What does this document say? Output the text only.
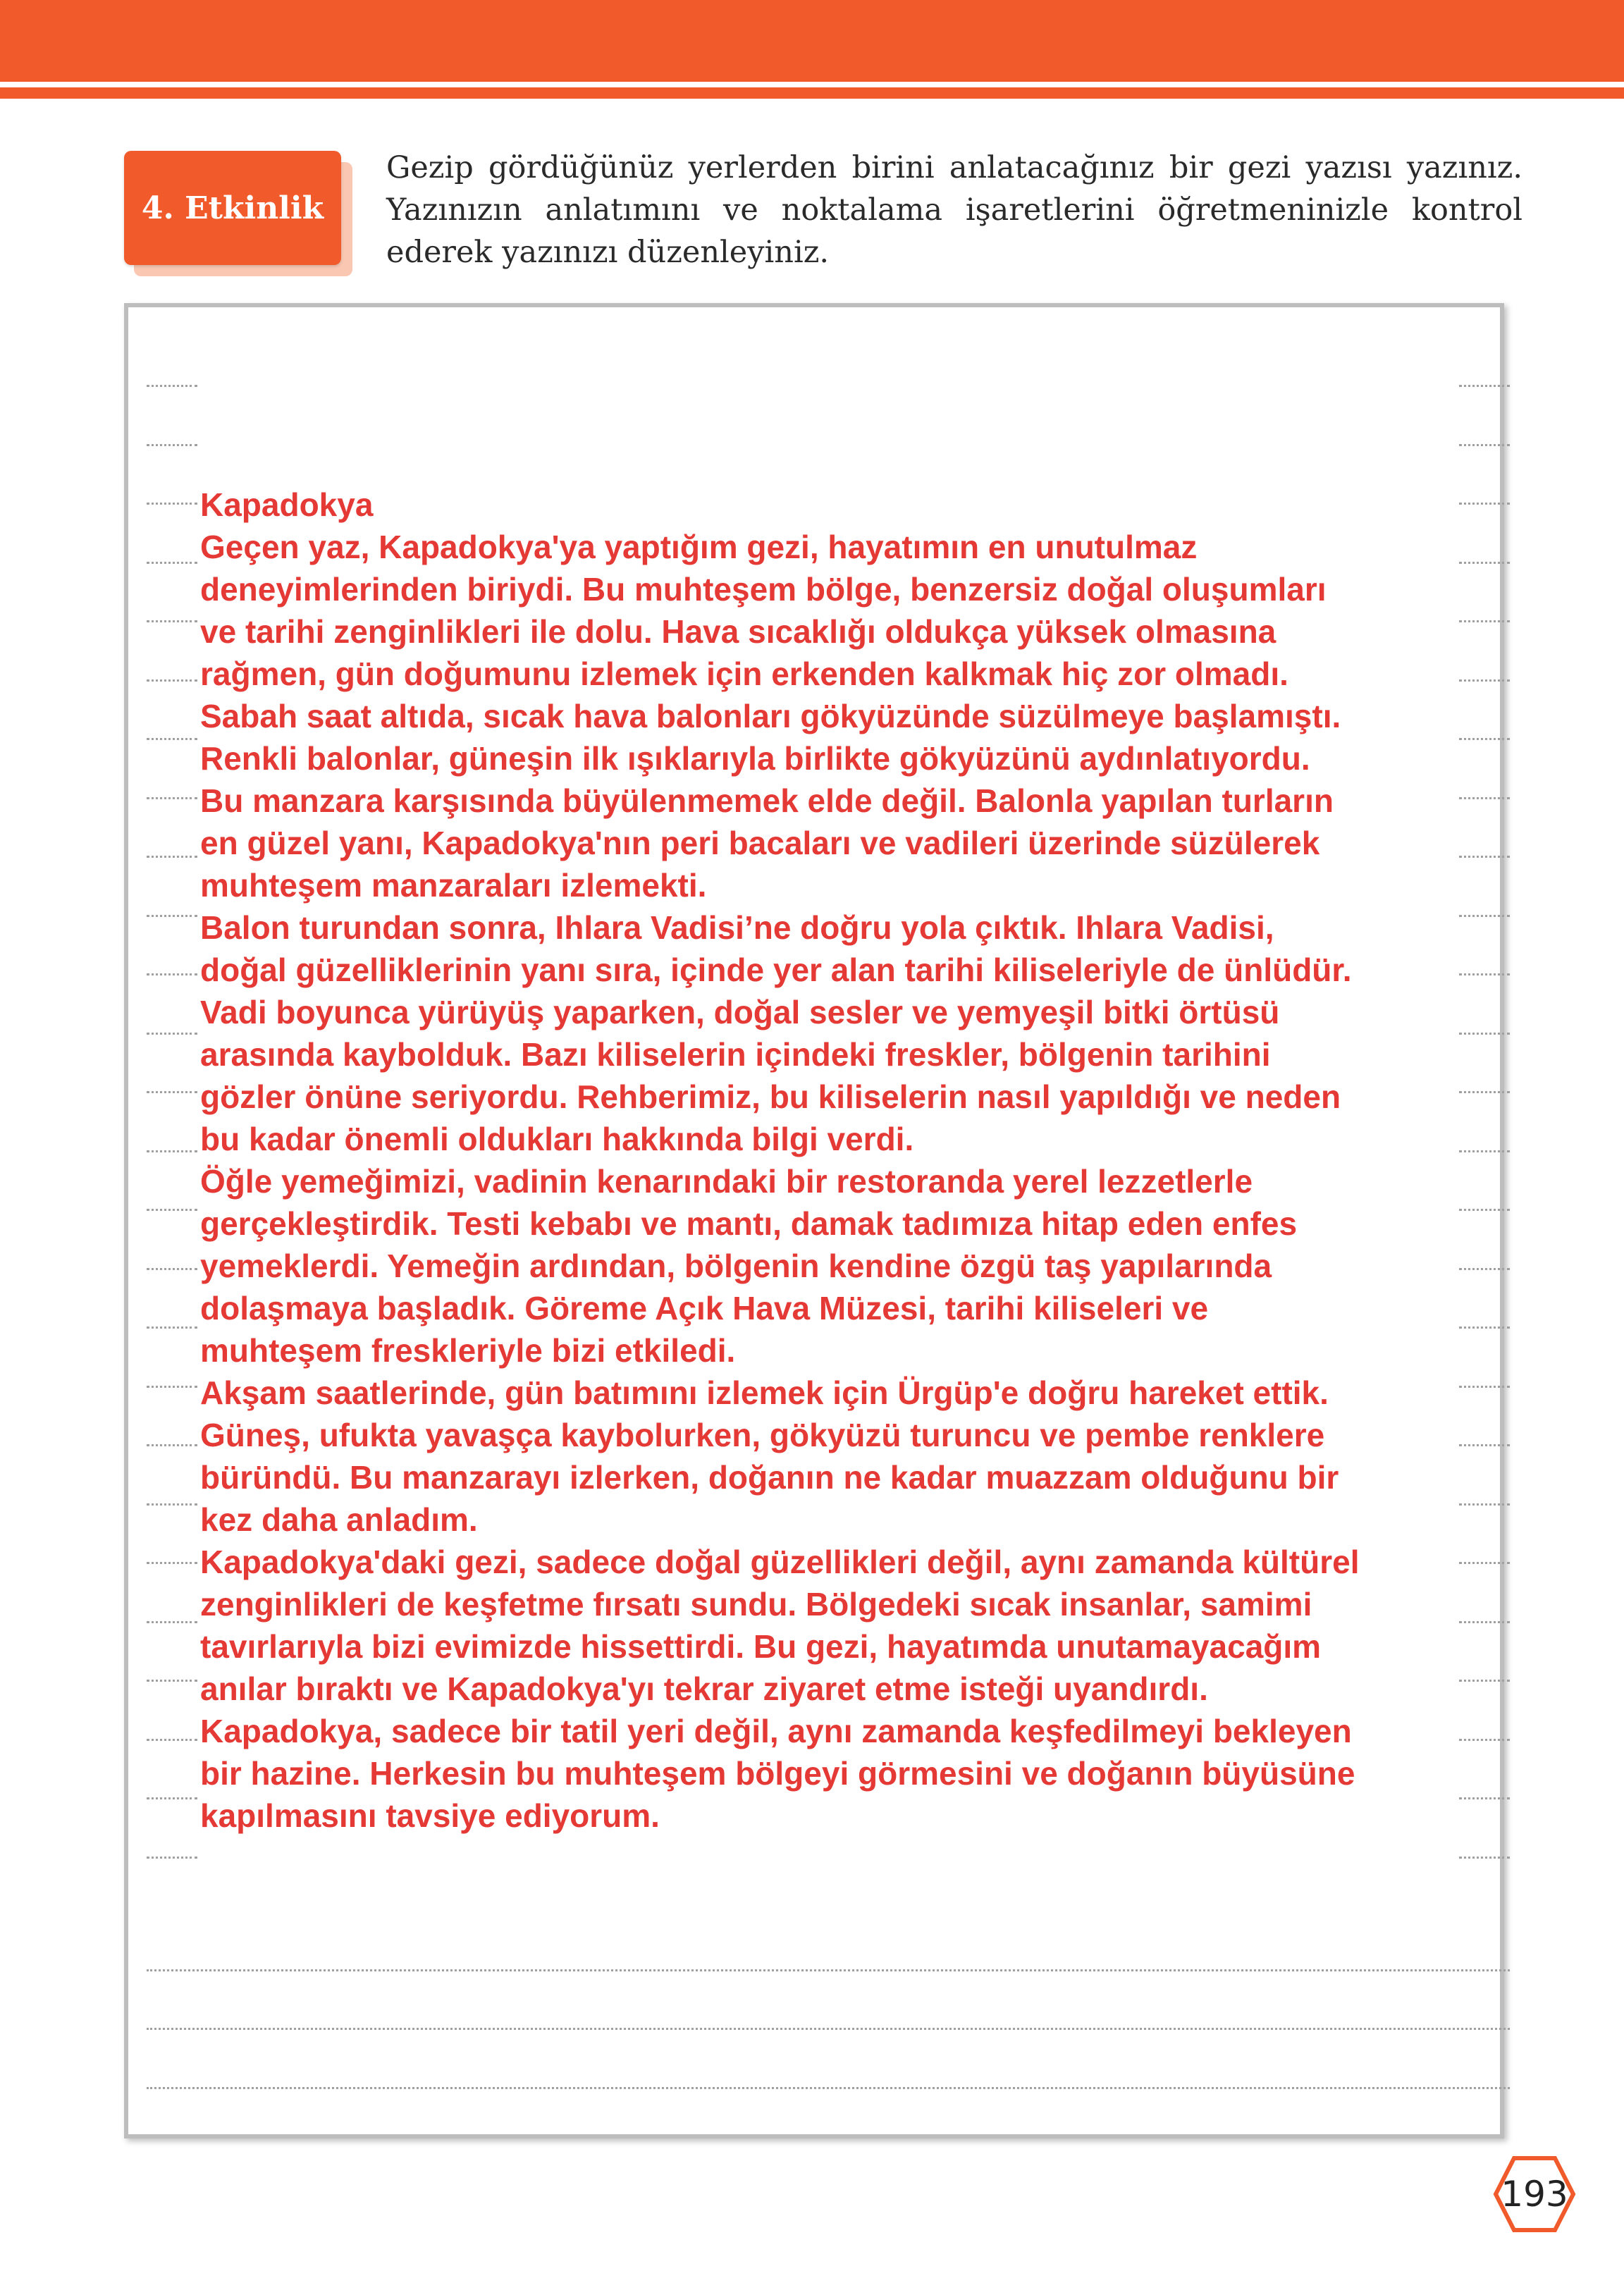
4. Etkinlik

Gezip gördüğünüz yerlerden birini anlatacağınız bir gezi yazısı yazınız. Yazınızın anlatımını ve noktalama işaretlerini öğretmeninizle kontrol ederek yazınızı düzenleyiniz.

Kapadokya

Geçen yaz, Kapadokya'ya yaptığım gezi, hayatımın en unutulmaz

deneyimlerinden biriydi. Bu muhteşem bölge, benzersiz doğal oluşumları

ve tarihi zenginlikleri ile dolu. Hava sıcaklığı oldukça yüksek olmasına

rağmen, gün doğumunu izlemek için erkenden kalkmak hiç zor olmadı.

Sabah saat altıda, sıcak hava balonları gökyüzünde süzülmeye başlamıştı.

Renkli balonlar, güneşin ilk ışıklarıyla birlikte gökyüzünü aydınlatıyordu.

Bu manzara karşısında büyülenmemek elde değil. Balonla yapılan turların

en güzel yanı, Kapadokya'nın peri bacaları ve vadileri üzerinde süzülerek

muhteşem manzaraları izlemekti.

Balon turundan sonra, Ihlara Vadisi’ne doğru yola çıktık. Ihlara Vadisi,

doğal güzelliklerinin yanı sıra, içinde yer alan tarihi kiliseleriyle de ünlüdür.

Vadi boyunca yürüyüş yaparken, doğal sesler ve yemyeşil bitki örtüsü

arasında kaybolduk. Bazı kiliselerin içindeki freskler, bölgenin tarihini

gözler önüne seriyordu. Rehberimiz, bu kiliselerin nasıl yapıldığı ve neden

bu kadar önemli oldukları hakkında bilgi verdi.

Öğle yemeğimizi, vadinin kenarındaki bir restoranda yerel lezzetlerle

gerçekleştirdik. Testi kebabı ve mantı, damak tadımıza hitap eden enfes

yemeklerdi. Yemeğin ardından, bölgenin kendine özgü taş yapılarında

dolaşmaya başladık. Göreme Açık Hava Müzesi, tarihi kiliseleri ve

muhteşem freskleriyle bizi etkiledi.

Akşam saatlerinde, gün batımını izlemek için Ürgüp'e doğru hareket ettik.

Güneş, ufukta yavaşça kaybolurken, gökyüzü turuncu ve pembe renklere

büründü. Bu manzarayı izlerken, doğanın ne kadar muazzam olduğunu bir

kez daha anladım.

Kapadokya'daki gezi, sadece doğal güzellikleri değil, aynı zamanda kültürel

zenginlikleri de keşfetme fırsatı sundu. Bölgedeki sıcak insanlar, samimi

tavırlarıyla bizi evimizde hissettirdi. Bu gezi, hayatımda unutamayacağım

anılar bıraktı ve Kapadokya'yı tekrar ziyaret etme isteği uyandırdı.

Kapadokya, sadece bir tatil yeri değil, aynı zamanda keşfedilmeyi bekleyen

bir hazine. Herkesin bu muhteşem bölgeyi görmesini ve doğanın büyüsüne

kapılmasını tavsiye ediyorum.

193
